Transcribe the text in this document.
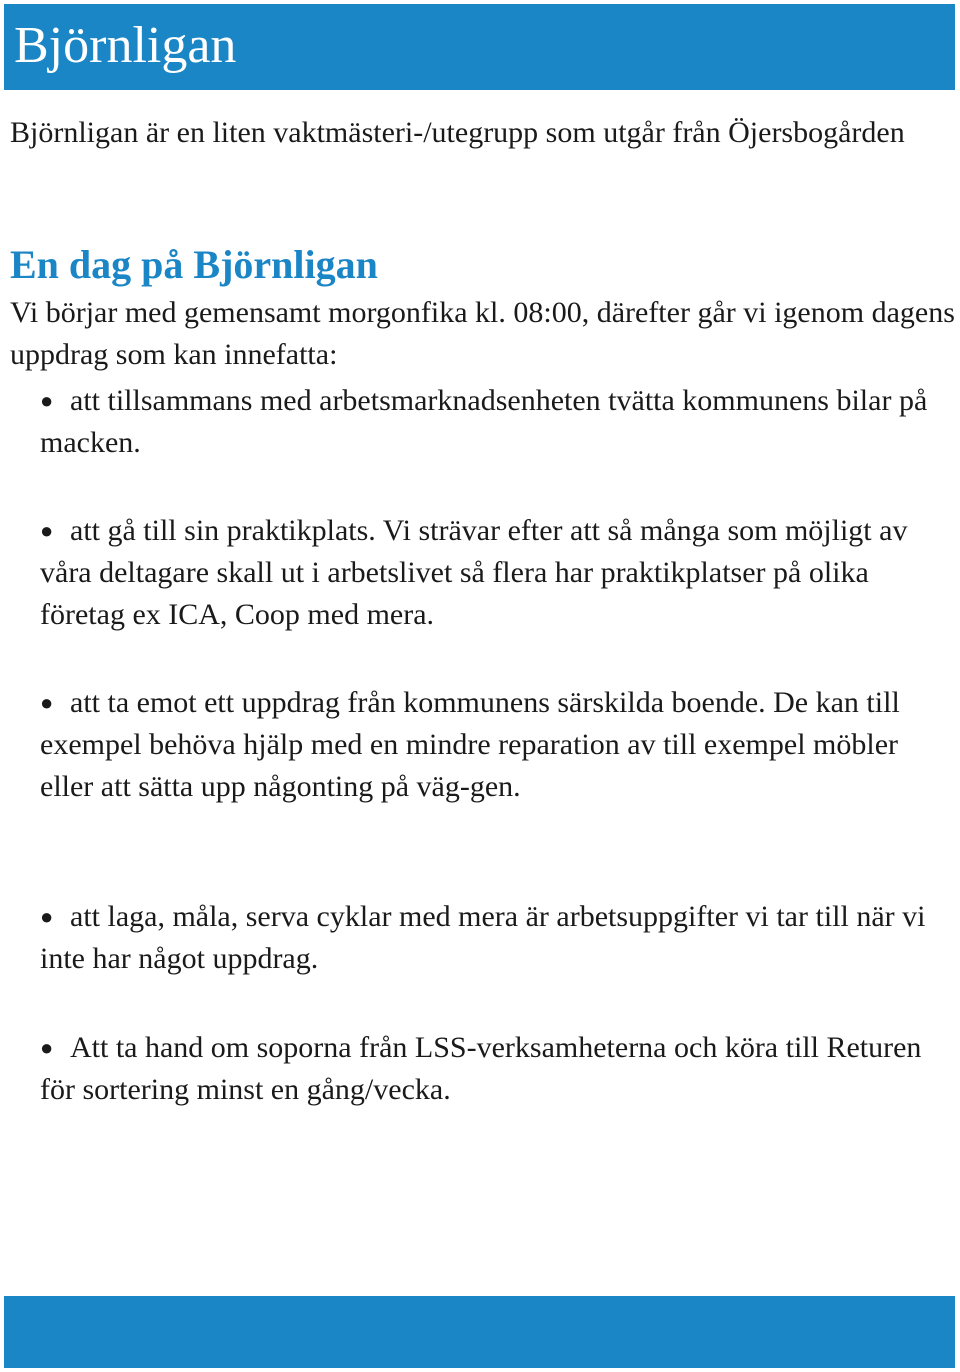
Björnligan

Björnligan är en liten vaktmästeri-/utegrupp som utgår från Öjersbogården

En dag på Björnligan

Vi börjar med gemensamt morgonfika kl. 08:00, därefter går vi igenom dagens uppdrag som kan innefatta:

● att tillsammans med arbetsmarknadsenheten tvätta kommunens bilar på macken.
● att gå till sin praktikplats. Vi strävar efter att så många som möjligt av våra deltagare skall ut i arbetslivet så flera har praktikplatser på olika företag ex ICA, Coop med mera.
● att ta emot ett uppdrag från kommunens särskilda boende. De kan till exempel behöva hjälp med en mindre reparation av till exempel möbler eller att sätta upp någonting på väg-gen.
● att laga, måla, serva cyklar med mera är arbetsuppgifter vi tar till när vi inte har något uppdrag.
● Att ta hand om soporna från LSS-verksamheterna och köra till Returen för sortering minst en gång/vecka.
